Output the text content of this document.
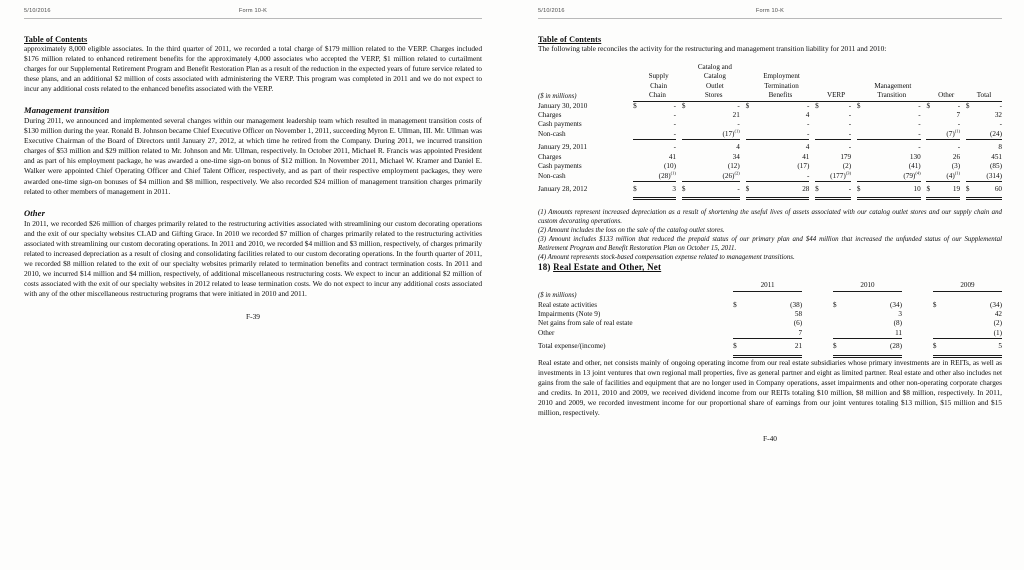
5/10/2016	Form 10-K
Table of Contents

approximately 8,000 eligible associates. In the third quarter of 2011, we recorded a total charge of $179 million related to the VERP. Charges included $176 million related to enhanced retirement benefits for the approximately 4,000 associates who accepted the VERP, $1 million related to curtailment charges for our Supplemental Retirement Program and Benefit Restoration Plan as a result of the reduction in the expected years of future service related to these plans, and an additional $2 million of costs associated with administering the VERP. This program was completed in 2011 and we do not expect to incur any additional costs related to the enhanced benefits associated with the VERP.

Management transition

During 2011, we announced and implemented several changes within our management leadership team which resulted in management transition costs of $130 million during the year. Ronald B. Johnson became Chief Executive Officer on November 1, 2011, succeeding Myron E. Ullman, III. Mr. Ullman was Executive Chairman of the Board of Directors until January 27, 2012, at which time he retired from the Company. During 2011, we incurred transition charges of $53 million and $29 million related to Mr. Johnson and Mr. Ullman, respectively. In October 2011, Michael R. Francis was appointed President and as part of his employment package, he was awarded a one-time sign-on bonus of $12 million. In November 2011, Michael W. Kramer and Daniel E. Walker were appointed Chief Operating Officer and Chief Talent Officer, respectively, and as part of their respective employment packages, they were awarded one-time sign-on bonuses of $4 million and $8 million, respectively. We also recorded $24 million of management transition charges primarily related to other members of management in 2011.

Other

In 2011, we recorded $26 million of charges primarily related to the restructuring activities associated with streamlining our custom decorating operations and the exit of our specialty websites CLAD and Gifting Grace. In 2010 we recorded $7 million of charges primarily related to the restructuring activities associated with streamlining our custom decorating operations. In 2011 and 2010, we recorded $4 million and $3 million, respectively, of charges primarily related to increased depreciation as a result of closing and consolidating facilities related to our custom decorating operations. In the fourth quarter of 2011, we recorded $8 million related to the exit of our specialty websites primarily related to termination benefits and contract termination costs. In 2011 and 2010, we incurred $14 million and $4 million, respectively, of additional miscellaneous restructuring costs. We expect to incur an additional $2 million of costs associated with the exit of our specialty websites in 2012 related to lease termination costs. We do not expect to incur any additional costs associated with any of the other miscellaneous restructuring programs that were initiated in 2010 and 2011.

F-39
5/10/2016	Form 10-K
Table of Contents

The following table reconciles the activity for the restructuring and management transition liability for 2011 and 2010:

					Catalog and															
		Supply			Catalog			Employment												
		Chain			Outlet			Termination						Management						
($ in millions)	Chain			Stores			Benefits			VERP			Transition			Other			Total	
January 30, 2010	$	-		$	-		$	-		$	-		$	-		$	-		$	-
Charges		-			21			4			-			-			7			32
Cash payments		-			-			-			-			-			-			-
Non-cash		-			$(17)^{(1)}$			-			-			-			$(7)^{(1)}$			(24)

January 29, 2011		-			4			4			-			-			-			8
Charges		41			34			41			179			130			26			451
Cash payments		(10)			(12)			(17)			(2)			(41)			(3)			(85)
Non-cash		$(28)^{(1)}$			$(26)^{(2)}$			-			$(177)^{(3)}$			$(79)^{(4)}$			$(4)^{(1)}$			(314)

January 28, 2012	$	3		$	-		$	28		$	-		$	10		$	19		$	60

(1) Amounts represent increased depreciation as a result of shortening the useful lives of assets associated with our catalog outlet stores and our supply chain and custom decorating operations.
(2) Amount includes the loss on the sale of the catalog outlet stores.
(3) Amount includes $133 million that reduced the prepaid status of our primary plan and $44 million that increased the unfunded status of our Supplemental Retirement Program and Benefit Restoration Plan on October 15, 2011.
(4) Amount represents stock-based compensation expense related to management transitions.
18) Real Estate and Other, Net
		2011				2010				2009	
($ in millions)											
Real estate activities		$	(38)			$	(34)			$	(34)
Impairments (Note 9)			58				3				42
Net gains from sale of real estate			(6)				(8)				(2)
Other			7				11				(1)

Total expense/(income)		$	21			$	(28)			$	5

Real estate and other, net consists mainly of ongoing operating income from our real estate subsidiaries whose primary investments are in REITs, as well as investments in 13 joint ventures that own regional mall properties, five as general partner and eight as limited partner. Real estate and other also includes net gains from the sale of facilities and equipment that are no longer used in Company operations, asset impairments and other non-operating corporate charges and credits. In 2011, 2010 and 2009, we received dividend income from our REITs totaling $10 million, $8 million and $8 million, respectively. In 2011, 2010 and 2009, we recorded investment income for our proportional share of earnings from our joint ventures totaling $13 million, $15 million and $15 million, respectively.

F-40
